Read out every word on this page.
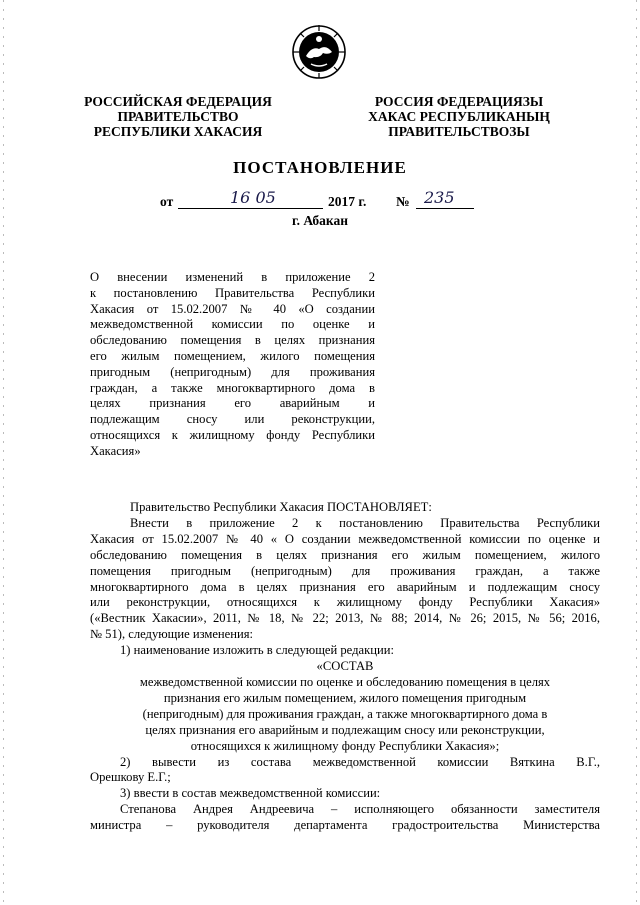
РОССИЙСКАЯ ФЕДЕРАЦИЯ
ПРАВИТЕЛЬСТВО
РЕСПУБЛИКИ ХАКАСИЯ
РОССИЯ ФЕДЕРАЦИЯЗЫ
ХАКАС РЕСПУБЛИКАНЫҢ
ПРАВИТЕЛЬСТВОЗЫ
ПОСТАНОВЛЕНИЕ
от	16 05	2017 г. № 235
г. Абакан
О внесении изменений в приложение 2
к постановлению Правительства Республики
Хакасия от 15.02.2007 № 40 «О создании
межведомственной комиссии по оценке и
обследованию помещения в целях признания
его жилым помещением, жилого помещения
пригодным (непригодным) для проживания
граждан, а также многоквартирного дома в
целях признания его аварийным и
подлежащим сносу или реконструкции,
относящихся к жилищному фонду Республики
Хакасия»
Правительство Республики Хакасия ПОСТАНОВЛЯЕТ:
Внести в приложение 2 к постановлению Правительства Республики
Хакасия от 15.02.2007 № 40 « О создании межведомственной комиссии по оценке и
обследованию помещения в целях признания его жилым помещением, жилого
помещения пригодным (непригодным) для проживания граждан, а также
многоквартирного дома в целях признания его аварийным и подлежащим сносу
или реконструкции, относящихся к жилищному фонду Республики Хакасия»
(«Вестник Хакасии», 2011, № 18, № 22; 2013, № 88; 2014, № 26; 2015, № 56; 2016,
№ 51), следующие изменения:
1) наименование изложить в следующей редакции:
«СОСТАВ
межведомственной комиссии по оценке и обследованию помещения в целях
признания его жилым помещением, жилого помещения пригодным
(непригодным) для проживания граждан, а также многоквартирного дома в
целях признания его аварийным и подлежащим сносу или реконструкции,
относящихся к жилищному фонду Республики Хакасия»;
2) вывести из состава межведомственной комиссии Вяткина В.Г.,
Орешкову Е.Г.;
3) ввести в состав межведомственной комиссии:
Степанова Андрея Андреевича – исполняющего обязанности заместителя
министра – руководителя департамента градостроительства Министерства
